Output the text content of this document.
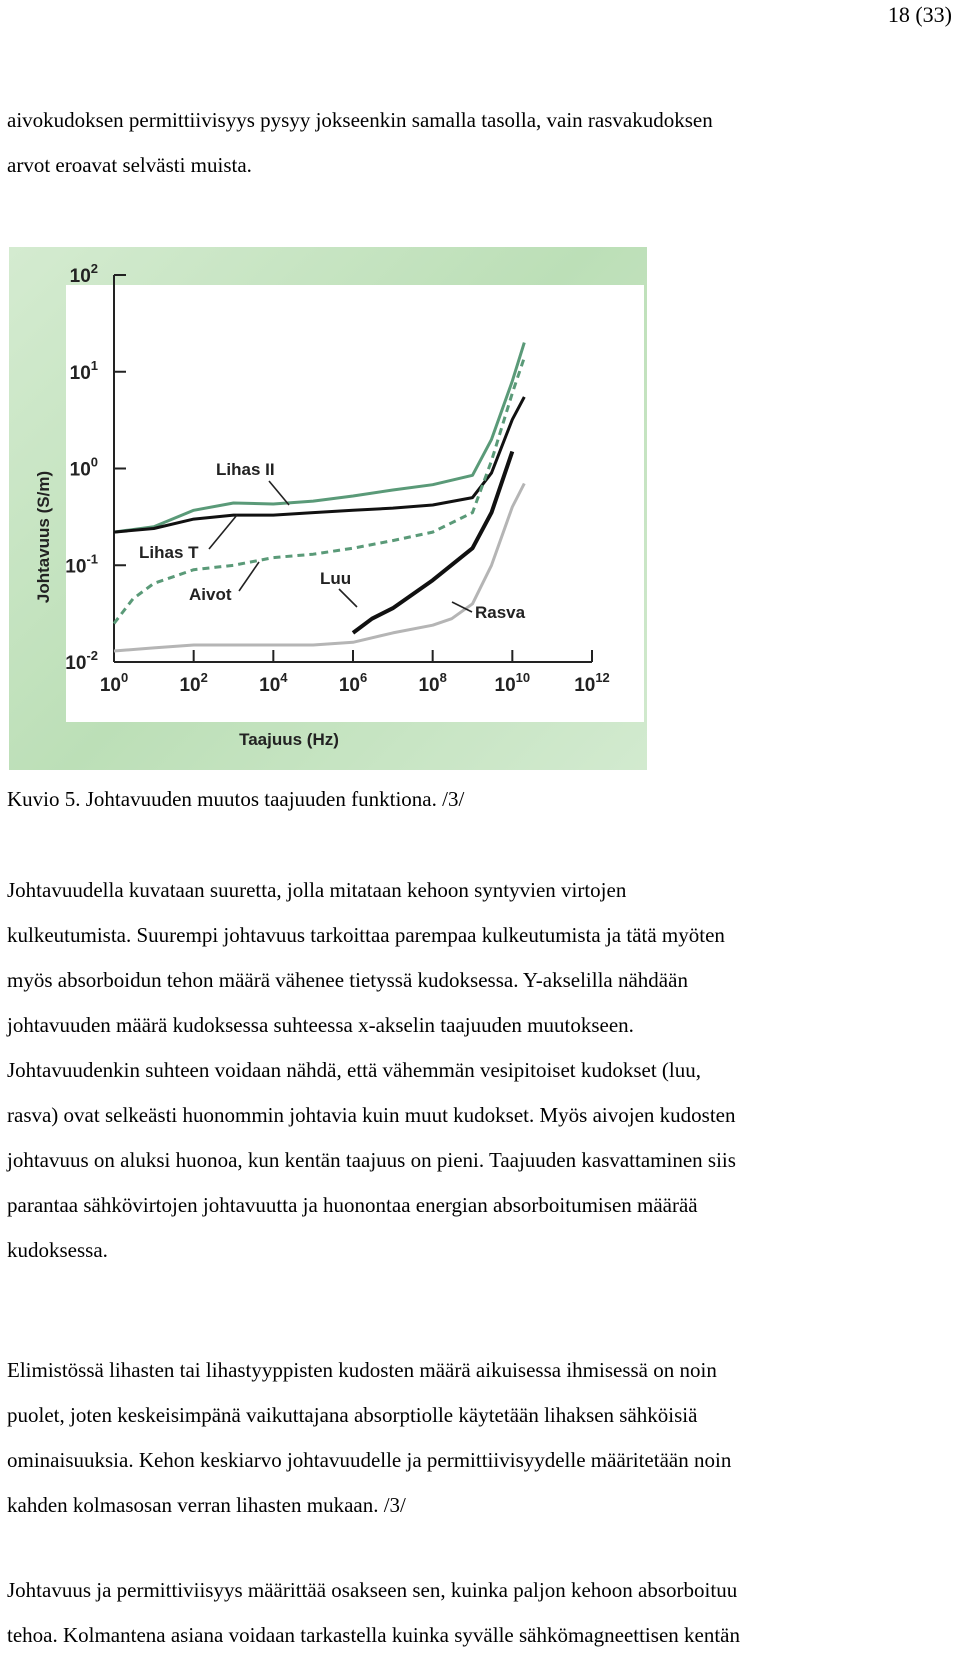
18 (33)
aivokudoksen permittiivisyys pysyy jokseenkin samalla tasolla, vain rasvakudoksen
arvot eroavat selvästi muista.
$10^2$
$10^1$
$10^0$
$10^{-1}$
$10^{-2}$
$10^0$	$10^2$	$10^4$	$10^6$	$10^8$	$10^{10}$ $10^{12}$
Lihas II
Lihas T
Aivot
Luu
Rasva
Johtavuus (S/m)
Taajuus (Hz)
Kuvio 5. Johtavuuden muutos taajuuden funktiona. /3/
Johtavuudella kuvataan suuretta, jolla mitataan kehoon syntyvien virtojen
kulkeutumista. Suurempi johtavuus tarkoittaa parempaa kulkeutumista ja tätä myöten
myös absorboidun tehon määrä vähenee tietyssä kudoksessa. Y-akselilla nähdään
johtavuuden määrä kudoksessa suhteessa x-akselin taajuuden muutokseen.
Johtavuudenkin suhteen voidaan nähdä, että vähemmän vesipitoiset kudokset (luu,
rasva) ovat selkeästi huonommin johtavia kuin muut kudokset. Myös aivojen kudosten
johtavuus on aluksi huonoa, kun kentän taajuus on pieni. Taajuuden kasvattaminen siis
parantaa sähkövirtojen johtavuutta ja huonontaa energian absorboitumisen määrää
kudoksessa.
Elimistössä lihasten tai lihastyyppisten kudosten määrä aikuisessa ihmisessä on noin
puolet, joten keskeisimpänä vaikuttajana absorptiolle käytetään lihaksen sähköisiä
ominaisuuksia. Kehon keskiarvo johtavuudelle ja permittiivisyydelle määritetään noin
kahden kolmasosan verran lihasten mukaan. /3/
Johtavuus ja permittiviisyys määrittää osakseen sen, kuinka paljon kehoon absorboituu
tehoa. Kolmantena asiana voidaan tarkastella kuinka syvälle sähkömagneettisen kentän
